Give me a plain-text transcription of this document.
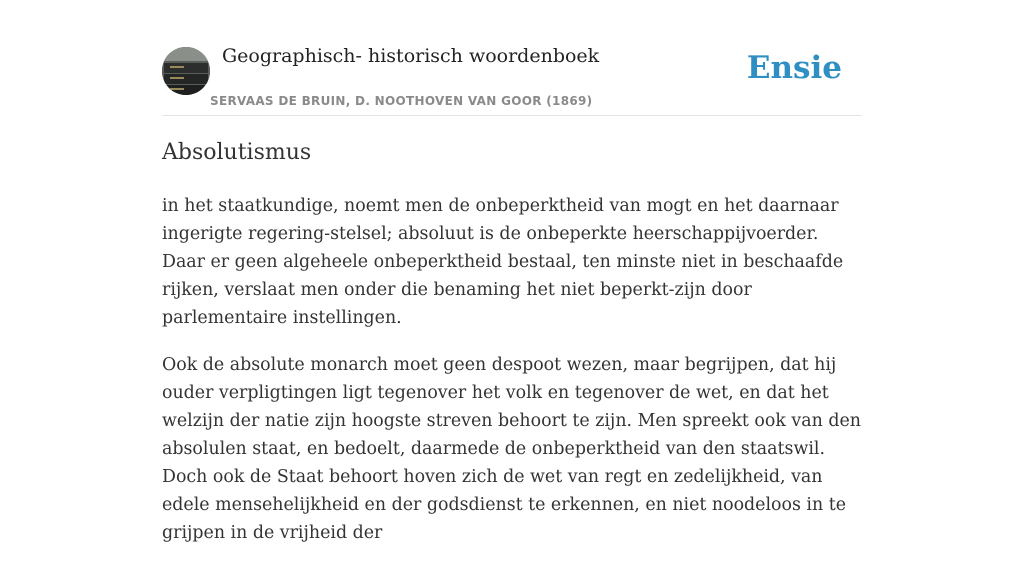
Geographisch- historisch woordenboek
SERVAAS DE BRUIN, D. NOOTHOVEN VAN GOOR (1869)
Ensie
Absolutismus

in het staatkundige, noemt men de onbeperktheid van mogt en het daarnaar ingerigte regering-stelsel; absoluut is de onbeperkte heerschappijvoerder. Daar er geen algeheele onbeperktheid bestaal, ten minste niet in beschaafde rijken, verslaat men onder die benaming het niet beperkt-zijn door parlementaire instellingen.

Ook de absolute monarch moet geen despoot wezen, maar begrijpen, dat hij ouder verpligtingen ligt tegenover het volk en tegenover de wet, en dat het welzijn der natie zijn hoogste streven behoort te zijn. Men spreekt ook van den absolulen staat, en bedoelt, daarmede de onbeperktheid van den staatswil. Doch ook de Staat behoort hoven zich de wet van regt en zedelijkheid, van edele mensehelijkheid en der godsdienst te erkennen, en niet noodeloos in te grijpen in de vrijheid der
